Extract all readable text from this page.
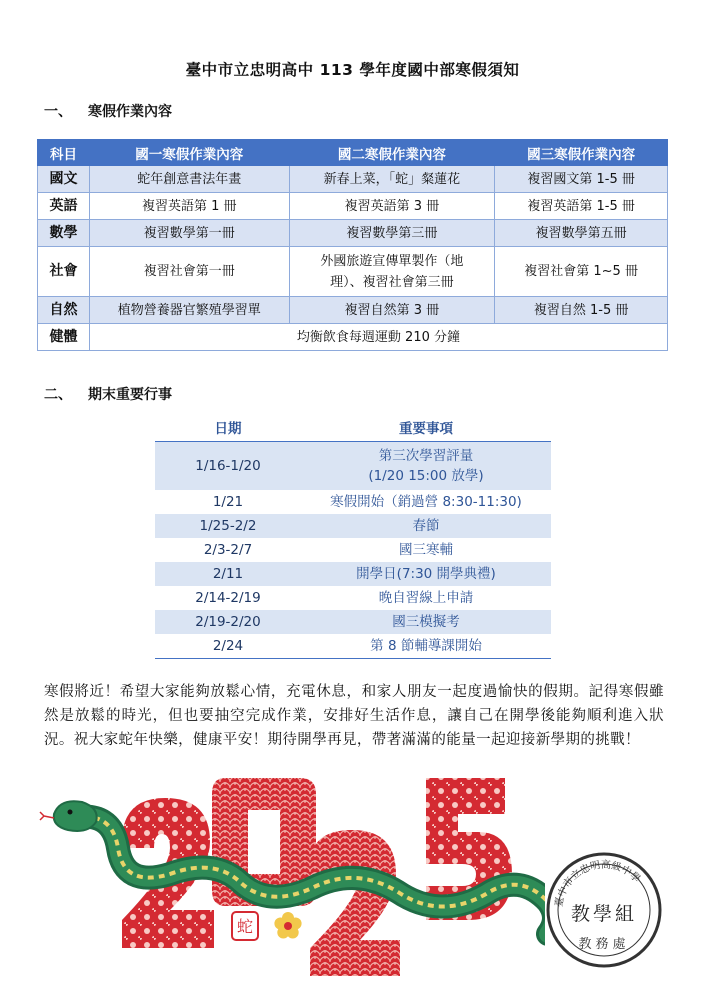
臺中市立忠明高中 113 學年度國中部寒假須知
一、 寒假作業內容
科目	國一寒假作業內容	國二寒假作業內容	國三寒假作業內容
國文	蛇年創意書法年畫	新春上菜，「蛇」粲蓮花	複習國文第 1-5 冊
英語	複習英語第 1 冊	複習英語第 3 冊	複習英語第 1-5 冊
數學	複習數學第一冊	複習數學第三冊	複習數學第五冊
社會	複習社會第一冊	外國旅遊宣傳單製作（地
理）、複習社會第三冊	複習社會第 1~5 冊
自然	植物營養器官繁殖學習單	複習自然第 3 冊	複習自然 1-5 冊
健體	均衡飲食每週運動 210 分鐘		
二、 期末重要行事
日期	重要事項
1/16-1/20	第三次學習評量
(1/20 15:00 放學)

1/21	寒假開始（銷過營 8:30-11:30)
1/25-2/2	春節
2/3-2/7	國三寒輔
2/11	開學日(7:30 開學典禮)
2/14-2/19	晚自習線上申請
2/19-2/20	國三模擬考
2/24	第 8 節輔導課開始

寒假將近！希望大家能夠放鬆心情，充電休息，和家人朋友一起度過愉快的假期。記得寒假雖然是放鬆的時光，但也要抽空完成作業，安排好生活作息，讓自己在開學後能夠順利進入狀況。祝大家蛇年快樂，健康平安！期待開學再見，帶著滿滿的能量一起迎接新學期的挑戰！

蛇
臺中市立忠明高級中學
教學組
教務處
2025
